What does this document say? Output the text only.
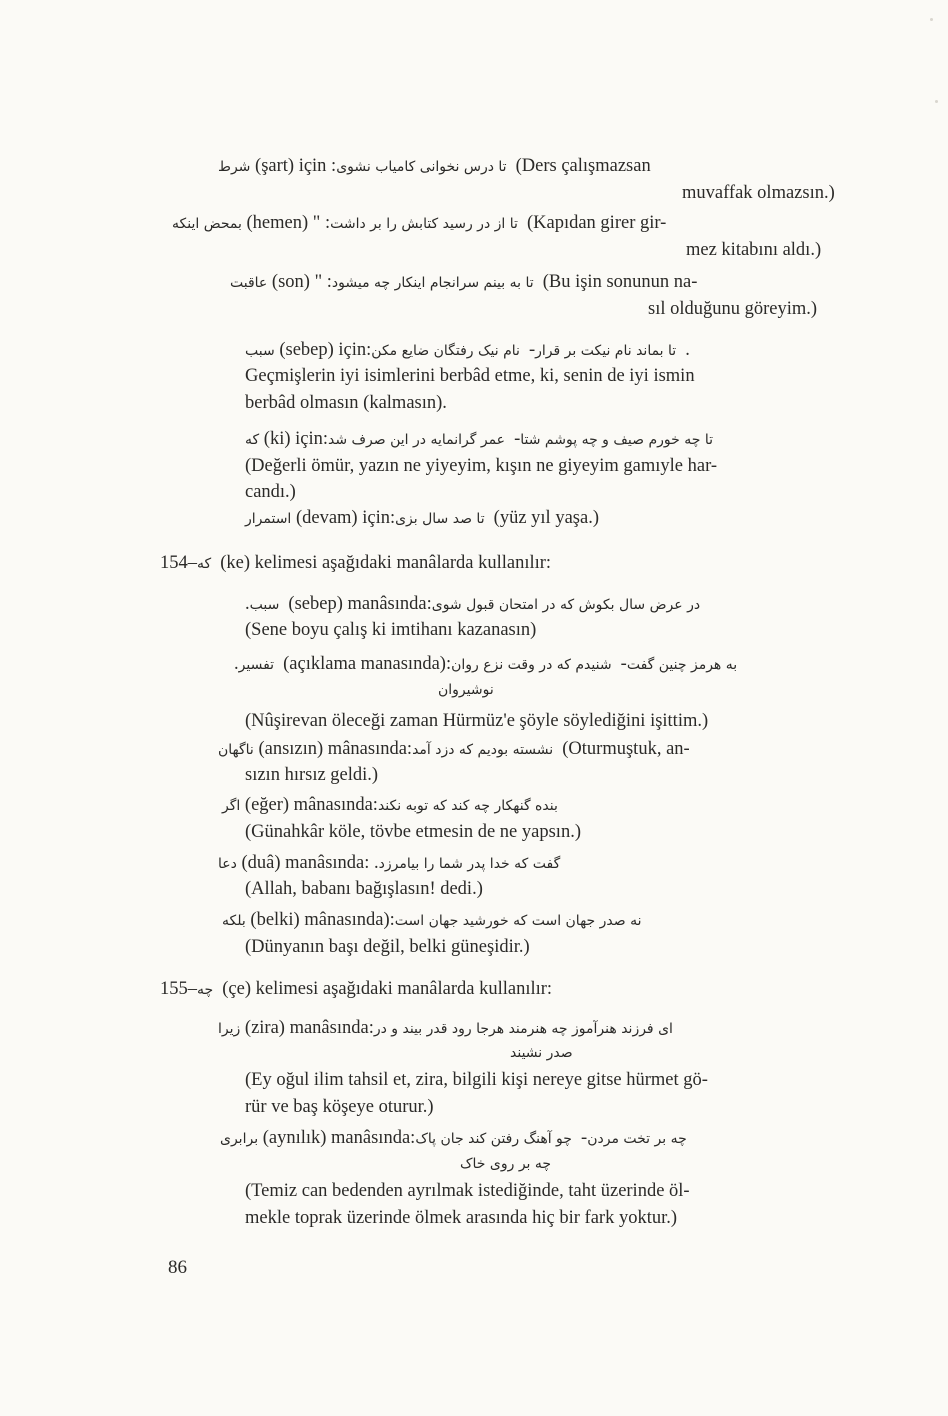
شرط (şart) için : تا درس نخوانی کامیاب نشوی (Ders çalışmazsan
muvaffak olmazsın.)
بمحض اینکه (hemen) " : تا از در رسید کتابش را بر داشت (Kapıdan girer gir-
mez kitabını aldı.)
عاقبت (son) " : تا به بینم سرانجام اینکار چه میشود (Bu işin sonunun na-
sıl olduğunu göreyim.)
سبب (sebep) için: نام نیک رفتگان ضایع مکن - تا بماند نام نیکت بر قرار .
Geçmişlerin iyi isimlerini berbâd etme, ki, senin de iyi ismin
berbâd olmasın (kalmasın).
که (ki) için: عمر گرانمایه در این صرف شد - تا چه خورم صیف و چه پوشم شتا
(Değerli ömür, yazın ne yiyeyim, kışın ne giyeyim gamıyle har-
candı.)
استمرار (devam) için: تا صد سال بزی (yüz yıl yaşa.)
154– که (ke) kelimesi aşağıdaki manâlarda kullanılır:
. سبب (sebep) manâsında: در عرض سال بکوش که در امتحان قبول شوی
(Sene boyu çalış ki imtihanı kazanasın)
. تفسیر (açıklama manasında): شنیدم که در وقت نزع روان - به هرمز چنین گفت
نوشیروان
(Nûşirevan öleceği zaman Hürmüz'e şöyle söylediğini işittim.)
ناگهان (ansızın) mânasında: نشسته بودیم که دزد آمد (Oturmuştuk, an-
sızın hırsız geldi.)
اگر (eğer) mânasında: بنده گنهکار چه کند که توبه نکند
(Günahkâr köle, tövbe etmesin de ne yapsın.)
دعا (duâ) manâsında: . گفت که خدا پدر شما را بیامرزد
(Allah, babanı bağışlasın! dedi.)
بلکه (belki) mânasında): نه صدر جهان است که خورشید جهان است
(Dünyanın başı değil, belki güneşidir.)
155– چه (çe) kelimesi aşağıdaki manâlarda kullanılır:
زیرا (zira) manâsında: ای فرزند هنرآموز چه هنرمند هرجا رود قدر بیند و در
صدر نشیند
(Ey oğul ilim tahsil et, zira, bilgili kişi nereye gitse hürmet gö-
rür ve baş köşeye oturur.)
برابری (aynılık) manâsında: چو آهنگ رفتن کند جان پاک - چه بر تخت مردن
چه بر روی خاک
(Temiz can bedenden ayrılmak istediğinde, taht üzerinde öl-
mekle toprak üzerinde ölmek arasında hiç bir fark yoktur.)
86
